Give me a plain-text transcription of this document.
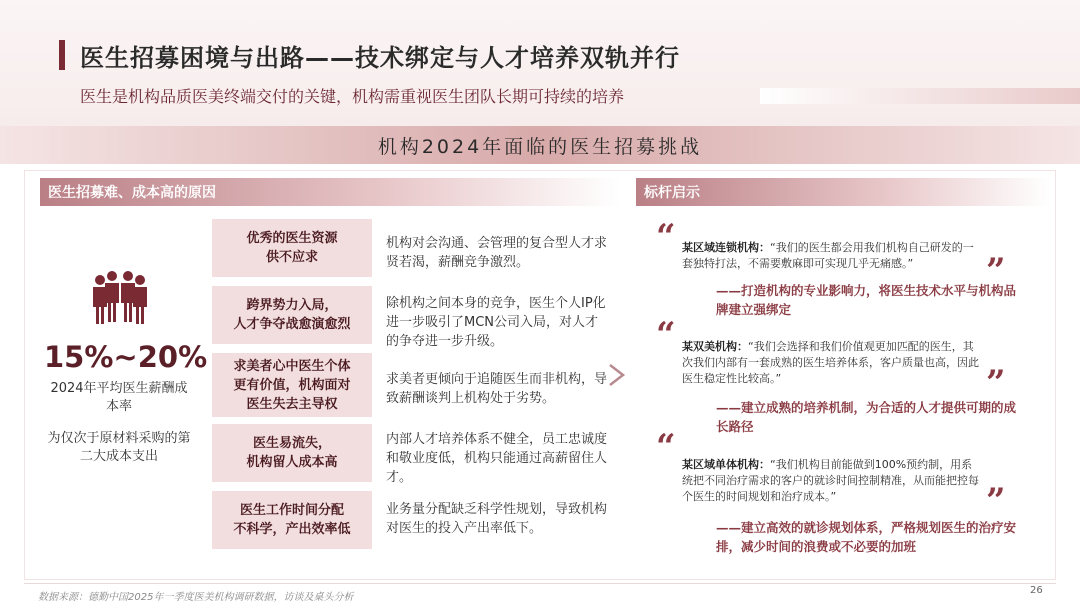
医生招募困境与出路——技术绑定与人才培养双轨并行
医生是机构品质医美终端交付的关键，机构需重视医生团队长期可持续的培养
机构2024年面临的医生招募挑战
医生招募难、成本高的原因
15%~20%
2024年平均医生薪酬成本率
为仅次于原材料采购的第二大成本支出
优秀的医生资源
供不应求
机构对会沟通、会管理的复合型人才求贤若渴，薪酬竞争激烈。
跨界势力入局，
人才争夺战愈演愈烈
除机构之间本身的竞争，医生个人IP化进一步吸引了MCN公司入局，对人才的争夺进一步升级。
求美者心中医生个体
更有价值，机构面对
医生失去主导权
求美者更倾向于追随医生而非机构，导致薪酬谈判上机构处于劣势。
医生易流失，
机构留人成本高
内部人才培养体系不健全，员工忠诚度和敬业度低，机构只能通过高薪留住人才。
医生工作时间分配
不科学，产出效率低
业务量分配缺乏科学性规划，导致机构对医生的投入产出率低下。
标杆启示
“ 某区域连锁机构：“我们的医生都会用我们机构自己研发的一套独特打法，不需要敷麻即可实现几乎无痛感。”	”
——打造机构的专业影响力，将医生技术水平与机构品牌建立强绑定
“ 某双美机构：“我们会选择和我们价值观更加匹配的医生，其次我们内部有一套成熟的医生培养体系，客户质量也高，因此医生稳定性比较高。”	”
——建立成熟的培养机制，为合适的人才提供可期的成长路径
“ 某区域单体机构：“我们机构目前能做到100%预约制，用系统把不同治疗需求的客户的就诊时间控制精准，从而能把控每个医生的时间规划和治疗成本。”	”
——建立高效的就诊规划体系，严格规划医生的治疗安排，减少时间的浪费或不必要的加班
数据来源：德勤中国2025年一季度医美机构调研数据，访谈及桌头分析
26
